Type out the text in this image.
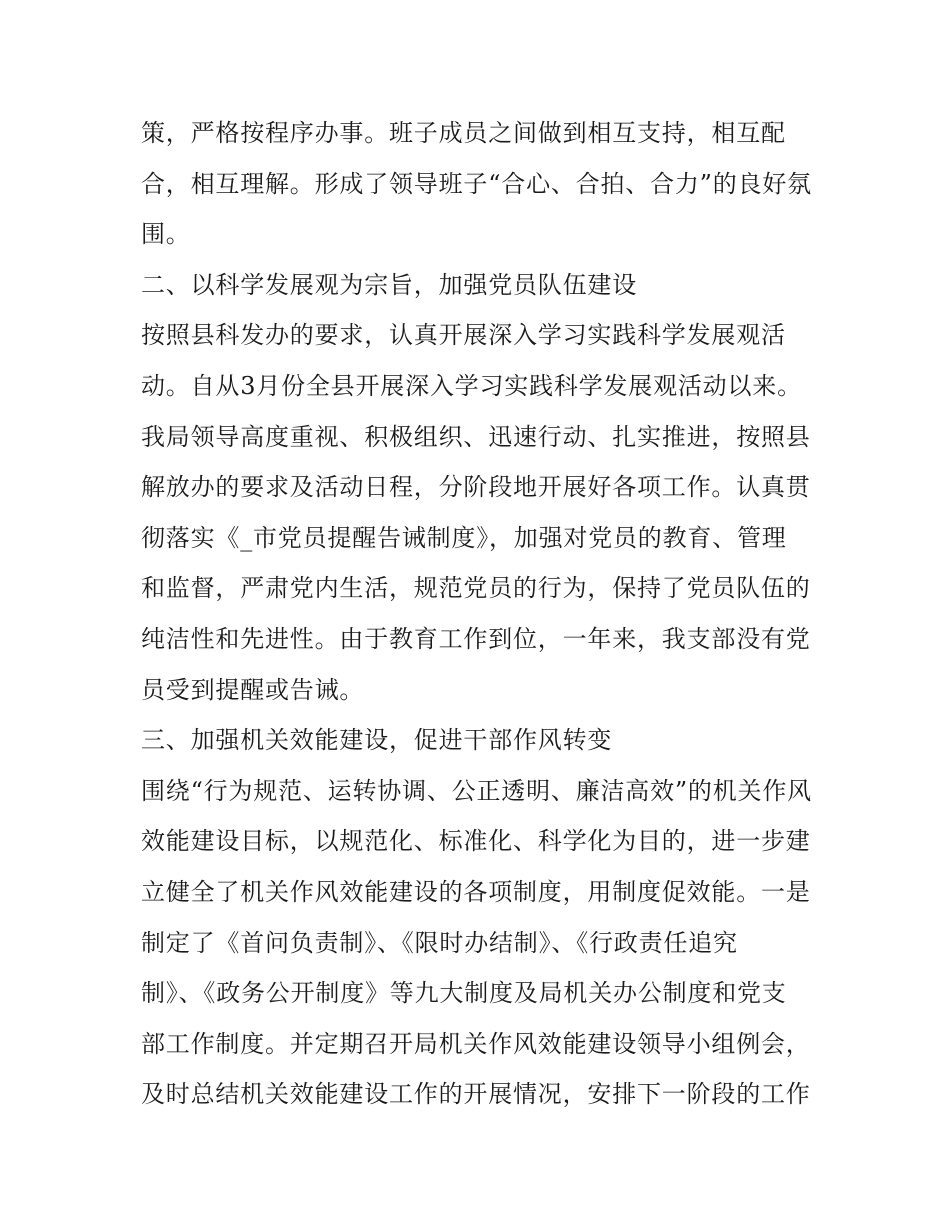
策，严格按程序办事。班子成员之间做到相互支持，相互配
合，相互理解。形成了领导班子“合心、合拍、合力”的良好氛
围。
二、以科学发展观为宗旨，加强党员队伍建设
按照县科发办的要求，认真开展深入学习实践科学发展观活
动。自从3月份全县开展深入学习实践科学发展观活动以来。
我局领导高度重视、积极组织、迅速行动、扎实推进，按照县
解放办的要求及活动日程，分阶段地开展好各项工作。认真贯
彻落实《_市党员提醒告诫制度》，加强对党员的教育、管理
和监督，严肃党内生活，规范党员的行为，保持了党员队伍的
纯洁性和先进性。由于教育工作到位，一年来，我支部没有党
员受到提醒或告诫。
三、加强机关效能建设，促进干部作风转变
围绕“行为规范、运转协调、公正透明、廉洁高效”的机关作风
效能建设目标，以规范化、标准化、科学化为目的，进一步建
立健全了机关作风效能建设的各项制度，用制度促效能。一是
制定了《首问负责制》、《限时办结制》、《行政责任追究
制》、《政务公开制度》等九大制度及局机关办公制度和党支
部工作制度。并定期召开局机关作风效能建设领导小组例会，
及时总结机关效能建设工作的开展情况，安排下一阶段的工作
